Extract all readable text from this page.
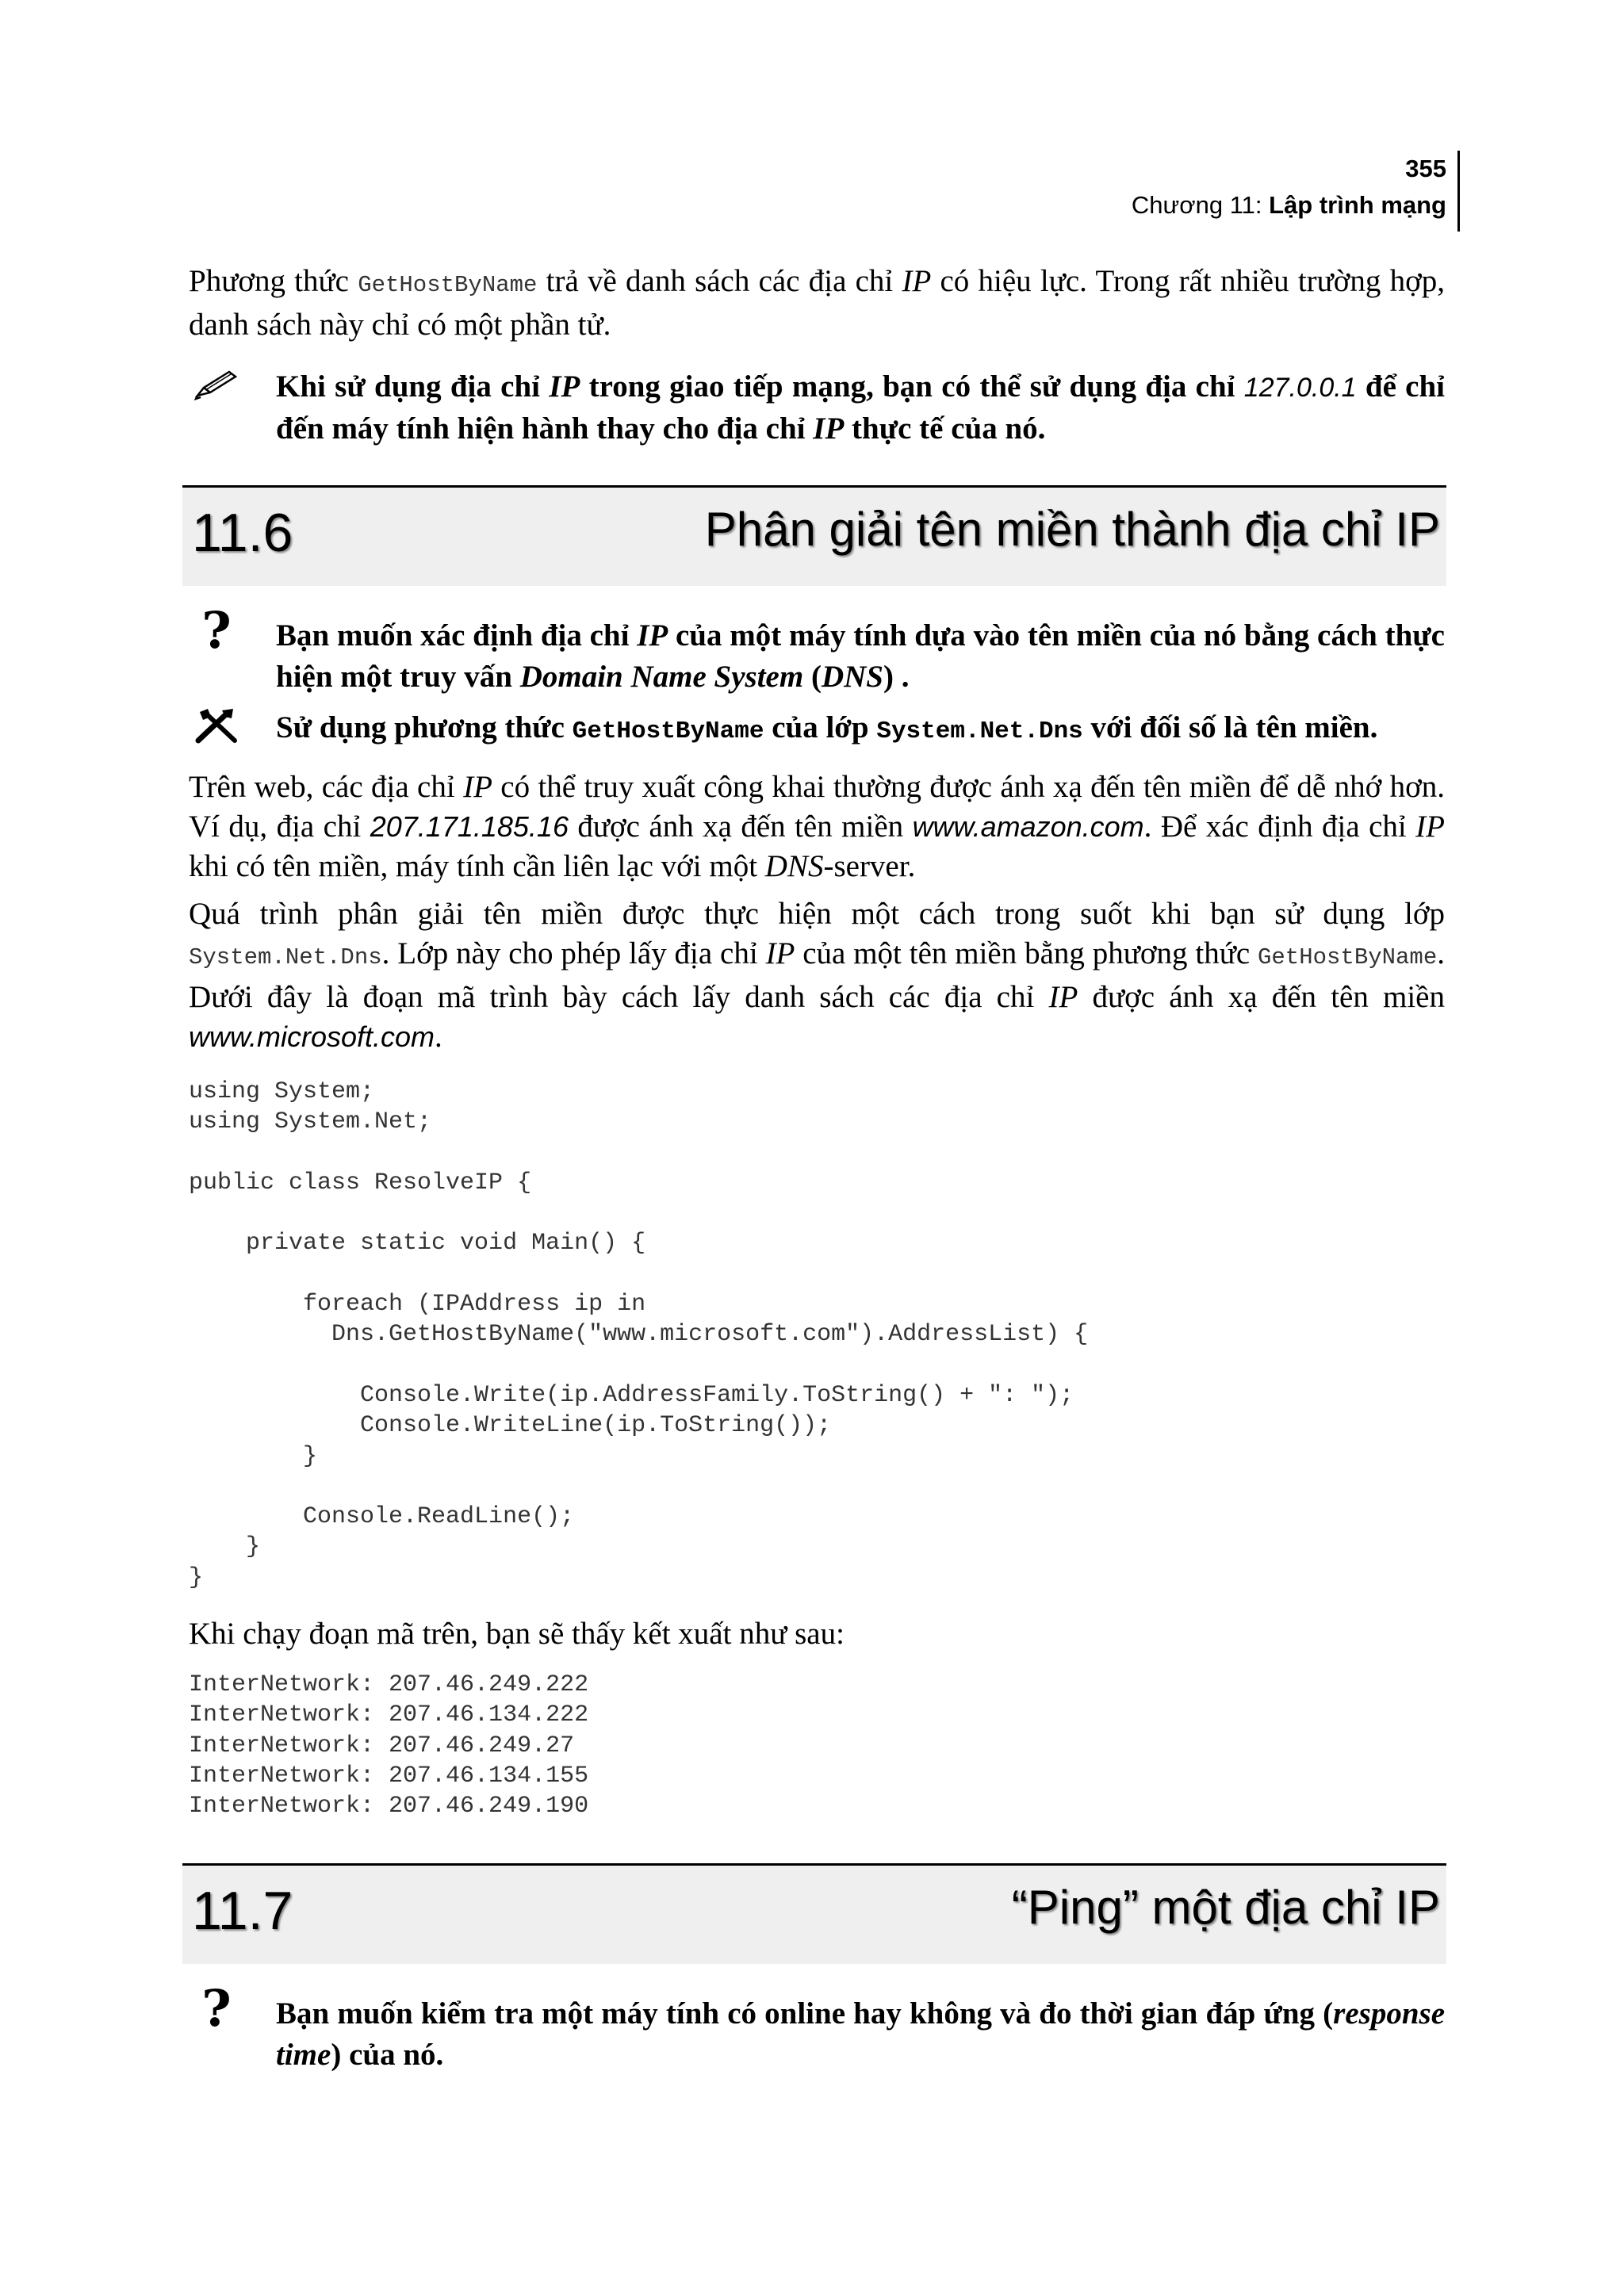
355
Chương 11: Lập trình mạng
Phương thức GetHostByName trả về danh sách các địa chỉ IP có hiệu lực. Trong rất nhiều trường hợp, danh sách này chỉ có một phần tử.
Khi sử dụng địa chỉ IP trong giao tiếp mạng, bạn có thể sử dụng địa chỉ 127.0.0.1 để chỉ đến máy tính hiện hành thay cho địa chỉ IP thực tế của nó.
11.6	Phân giải tên miền thành địa chỉ IP
?	Bạn muốn xác định địa chỉ IP của một máy tính dựa vào tên miền của nó bằng cách thực hiện một truy vấn Domain Name System (DNS) .
Sử dụng phương thức GetHostByName của lớp System.Net.Dns với đối số là tên miền.
Trên web, các địa chỉ IP có thể truy xuất công khai thường được ánh xạ đến tên miền để dễ nhớ hơn. Ví dụ, địa chỉ 207.171.185.16 được ánh xạ đến tên miền www.amazon.com. Để xác định địa chỉ IP khi có tên miền, máy tính cần liên lạc với một DNS-server.
Quá trình phân giải tên miền được thực hiện một cách trong suốt khi bạn sử dụng lớp System.Net.Dns. Lớp này cho phép lấy địa chỉ IP của một tên miền bằng phương thức GetHostByName. Dưới đây là đoạn mã trình bày cách lấy danh sách các địa chỉ IP được ánh xạ đến tên miền www.microsoft.com.
using System;
using System.Net;

public class ResolveIP {

private static void Main() {

foreach (IPAddress ip in
Dns.GetHostByName("www.microsoft.com").AddressList) {

Console.Write(ip.AddressFamily.ToString() + ": ");
Console.WriteLine(ip.ToString());
}

Console.ReadLine();
}
}
Khi chạy đoạn mã trên, bạn sẽ thấy kết xuất như sau:
InterNetwork: 207.46.249.222
InterNetwork: 207.46.134.222
InterNetwork: 207.46.249.27
InterNetwork: 207.46.134.155
InterNetwork: 207.46.249.190
11.7	“Ping” một địa chỉ IP
?	Bạn muốn kiểm tra một máy tính có online hay không và đo thời gian đáp ứng (response time) của nó.
